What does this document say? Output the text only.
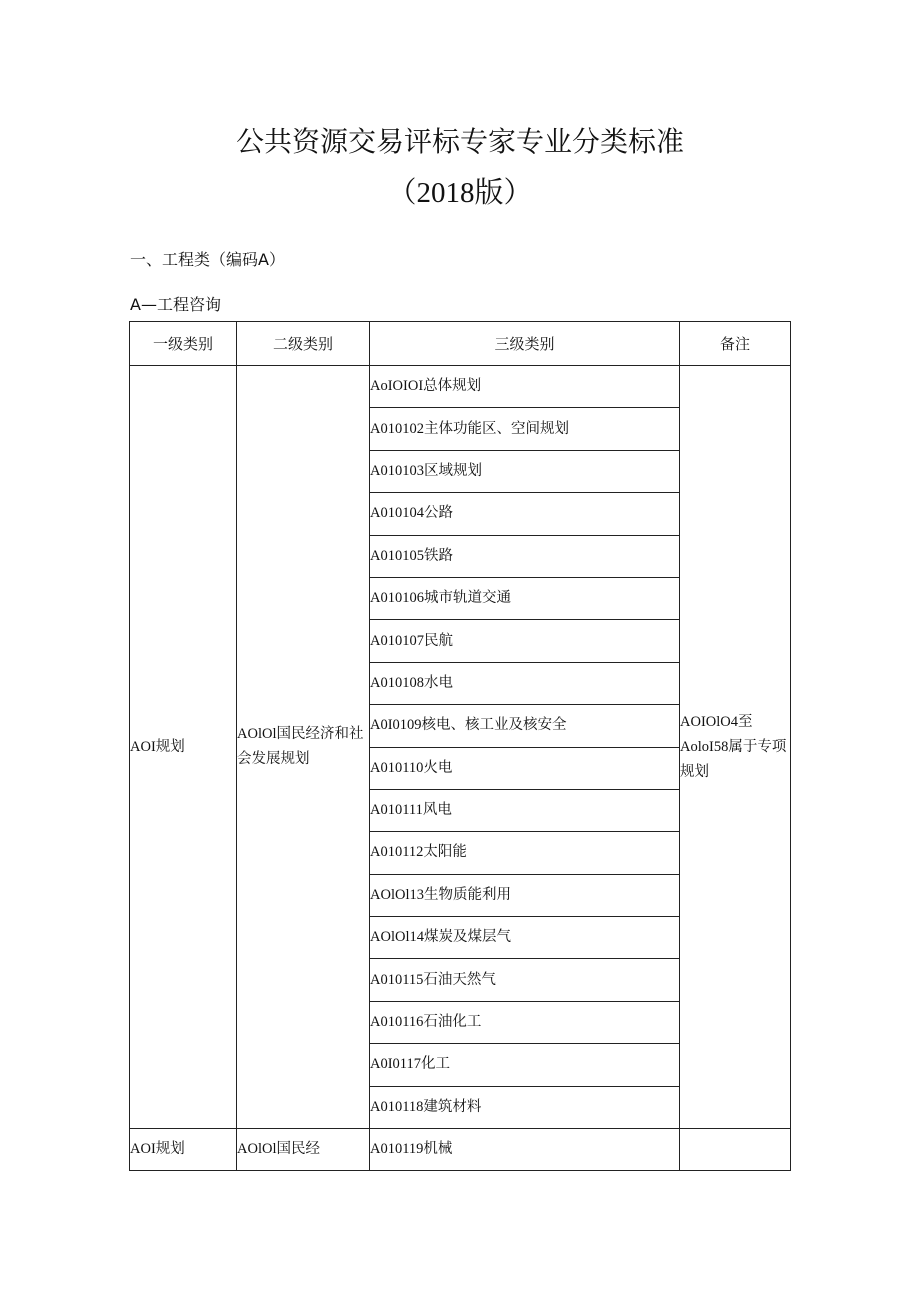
公共资源交易评标专家专业分类标准
（2018版）
一、工程类（编码A）
A—工程咨询
一级类别	二级类别	三级类别	备注
AOI规划	AOlOl国民经济和社会发展规划	AoIOIOI总体规划	AOIOlO4至AoloI58属于专项规划
		A010102主体功能区、空间规划	
		A010103区域规划	
		A010104公路	
		A010105铁路	
		A010106城市轨道交通	
		A010107民航	
		A010108水电	
		A0I0109核电、核工业及核安全	
		A010110火电	
		A010111风电	
		A010112太阳能	
		AOlOl13生物质能利用	
		AOlOl14煤炭及煤层气	
		A010115石油天然气	
		A010116石油化工	
		A0I0117化工	
		A010118建筑材料	
AOI规划	AOlOl国民经	A010119机械	
